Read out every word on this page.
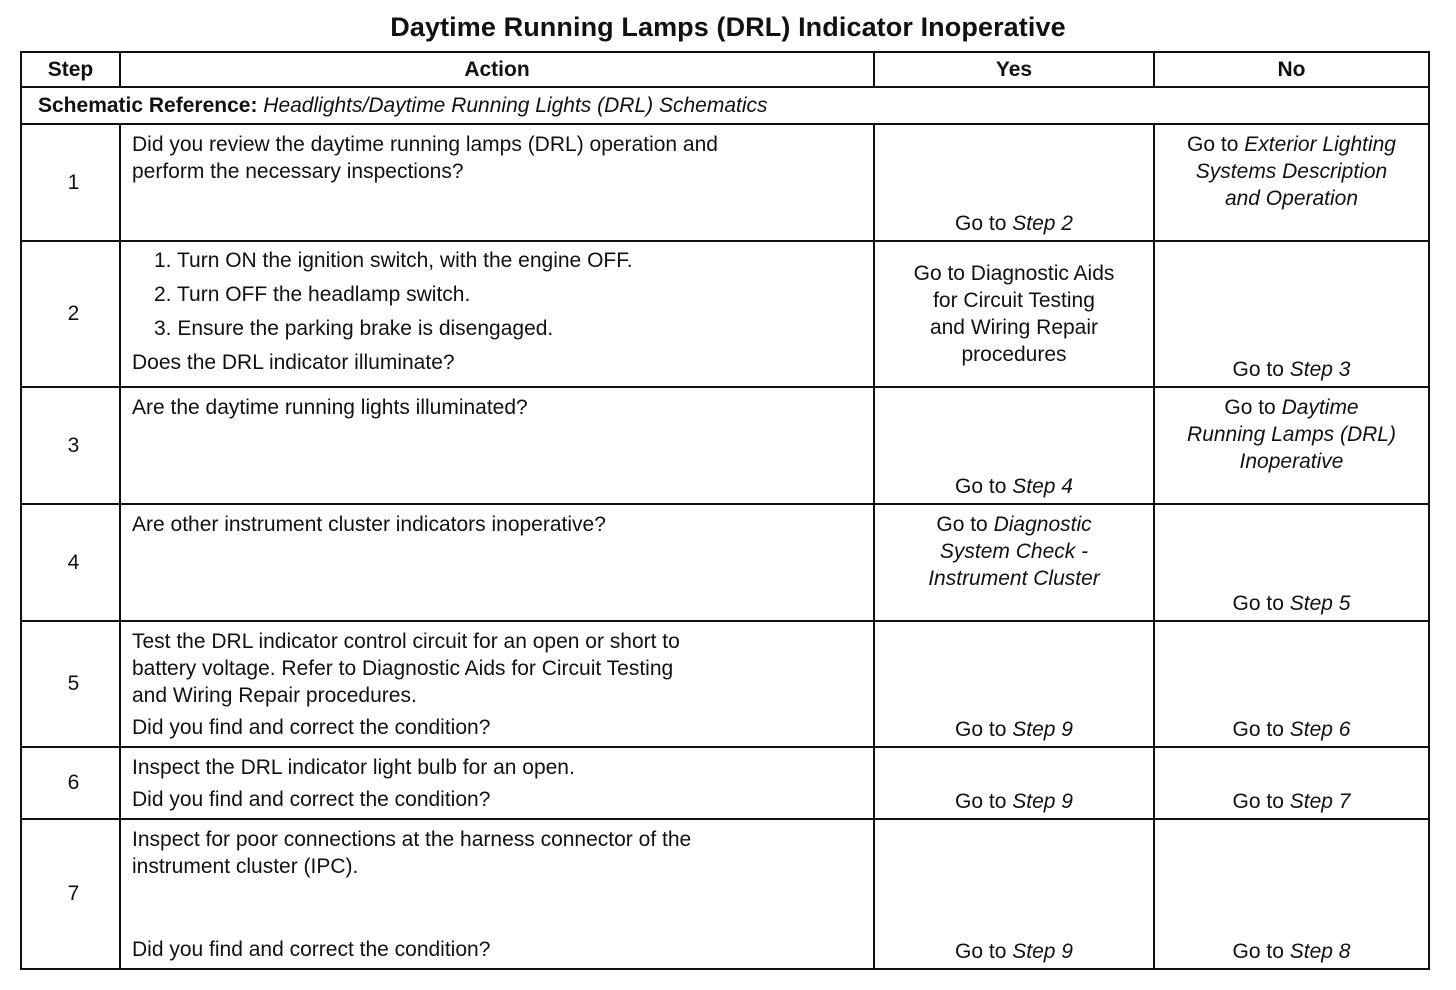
Daytime Running Lamps (DRL) Indicator Inoperative
Step	Action	Yes	No
Schematic Reference: Headlights/Daytime Running Lights (DRL) Schematics			
1	Did you review the daytime running lamps (DRL) operation and
perform the necessary inspections?	Go to Step 2	Go to Exterior Lighting
Systems Description
and Operation

2	1. Turn ON the ignition switch, with the engine OFF.
2. Turn OFF the headlamp switch.
3. Ensure the parking brake is disengaged.
Does the DRL indicator illuminate?	Go to Diagnostic Aids
for Circuit Testing
and Wiring Repair
procedures	Go to Step 3

3	Are the daytime running lights illuminated?	Go to Step 4	Go to Daytime
Running Lamps (DRL)
Inoperative

4	Are other instrument cluster indicators inoperative?	Go to Diagnostic
System Check -
Instrument Cluster	Go to Step 5

5	Test the DRL indicator control circuit for an open or short to
battery voltage. Refer to Diagnostic Aids for Circuit Testing
and Wiring Repair procedures.
Did you find and correct the condition?	Go to Step 9	Go to Step 6

6	Inspect the DRL indicator light bulb for an open.
Did you find and correct the condition?	Go to Step 9	Go to Step 7

7	Inspect for poor connections at the harness connector of the
instrument cluster (IPC).
Did you find and correct the condition?	Go to Step 9	Go to Step 8
